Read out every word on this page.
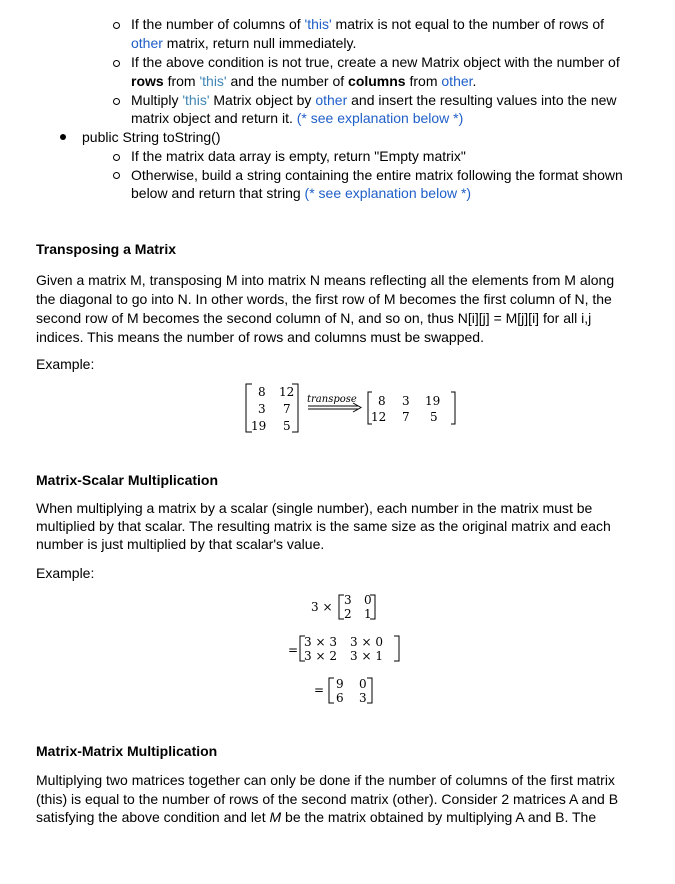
If the number of columns of 'this' matrix is not equal to the number of rows of
other matrix, return null immediately.
If the above condition is not true, create a new Matrix object with the number of
rows from 'this' and the number of columns from other.
Multiply 'this' Matrix object by other and insert the resulting values into the new
matrix object and return it. (* see explanation below *)
public String toString()
If the matrix data array is empty, return "Empty matrix"
Otherwise, build a string containing the entire matrix following the format shown
below and return that string (* see explanation below *)
Transposing a Matrix
Given a matrix M, transposing M into matrix N means reflecting all the elements from M along
the diagonal to go into N. In other words, the first row of M becomes the first column of N, the
second row of M becomes the second column of N, and so on, thus N[i][j] = M[j][i] for all i,j
indices. This means the number of rows and columns must be swapped.
Example:
8 12
3 7
19 5
transpose 8 3 19
12 7 5
Matrix-Scalar Multiplication
When multiplying a matrix by a scalar (single number), each number in the matrix must be
multiplied by that scalar. The resulting matrix is the same size as the original matrix and each
number is just multiplied by that scalar's value.
Example:
3 × 3 0
2 1
=
3 × 3 3 × 0
3 × 2 3 × 1
= 9 0
6 3
Matrix-Matrix Multiplication
Multiplying two matrices together can only be done if the number of columns of the first matrix
(this) is equal to the number of rows of the second matrix (other). Consider 2 matrices A and B
satisfying the above condition and let M be the matrix obtained by multiplying A and B. The
